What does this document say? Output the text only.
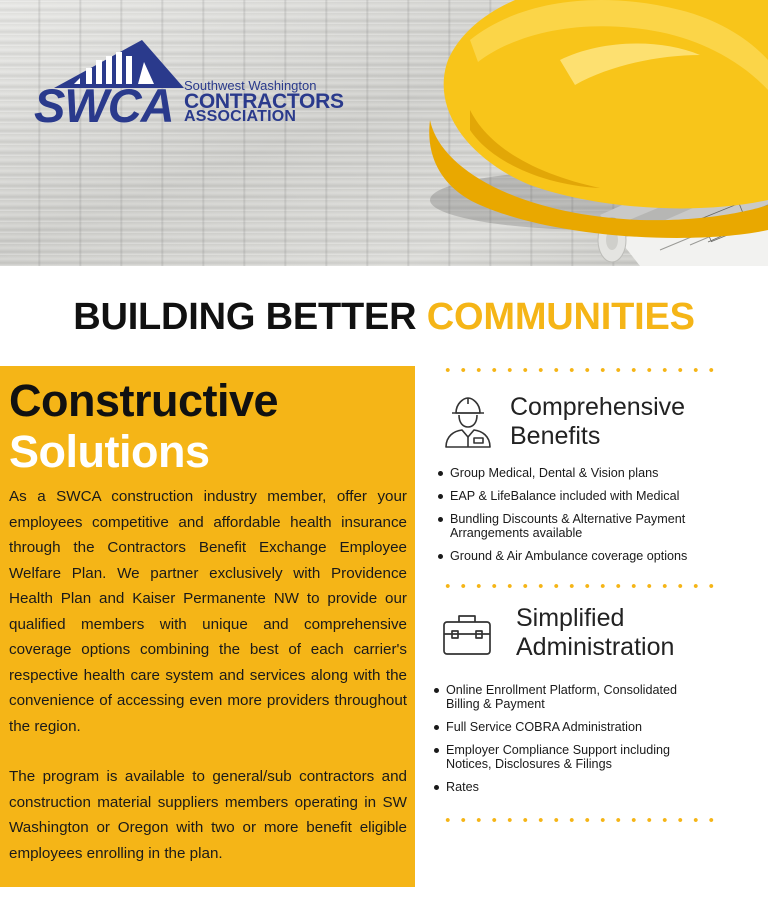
SWCA Southwest Washington
CONTRACTORS
ASSOCIATION
BUILDING BETTER COMMUNITIES
Constructive
Solutions

As a SWCA construction industry member, offer your employees competitive and affordable health insurance through the Contractors Benefit Exchange Employee Welfare Plan. We partner exclusively with Providence Health Plan and Kaiser Permanente NW to provide our qualified members with unique and comprehensive coverage options combining the best of each carrier's respective health care system and services along with the convenience of accessing even more providers throughout the region.

The program is available to general/sub contractors and construction material suppliers members operating in SW Washington or Oregon with two or more benefit eligible employees enrolling in the plan.

Comprehensive
Benefits
Group Medical, Dental & Vision plans
EAP & LifeBalance included with Medical
Bundling Discounts & Alternative Payment Arrangements available
Ground & Air Ambulance coverage options
Simplified
Administration
Online Enrollment Platform, Consolidated Billing & Payment
Full Service COBRA Administration
Employer Compliance Support including Notices, Disclosures & Filings
Rates
